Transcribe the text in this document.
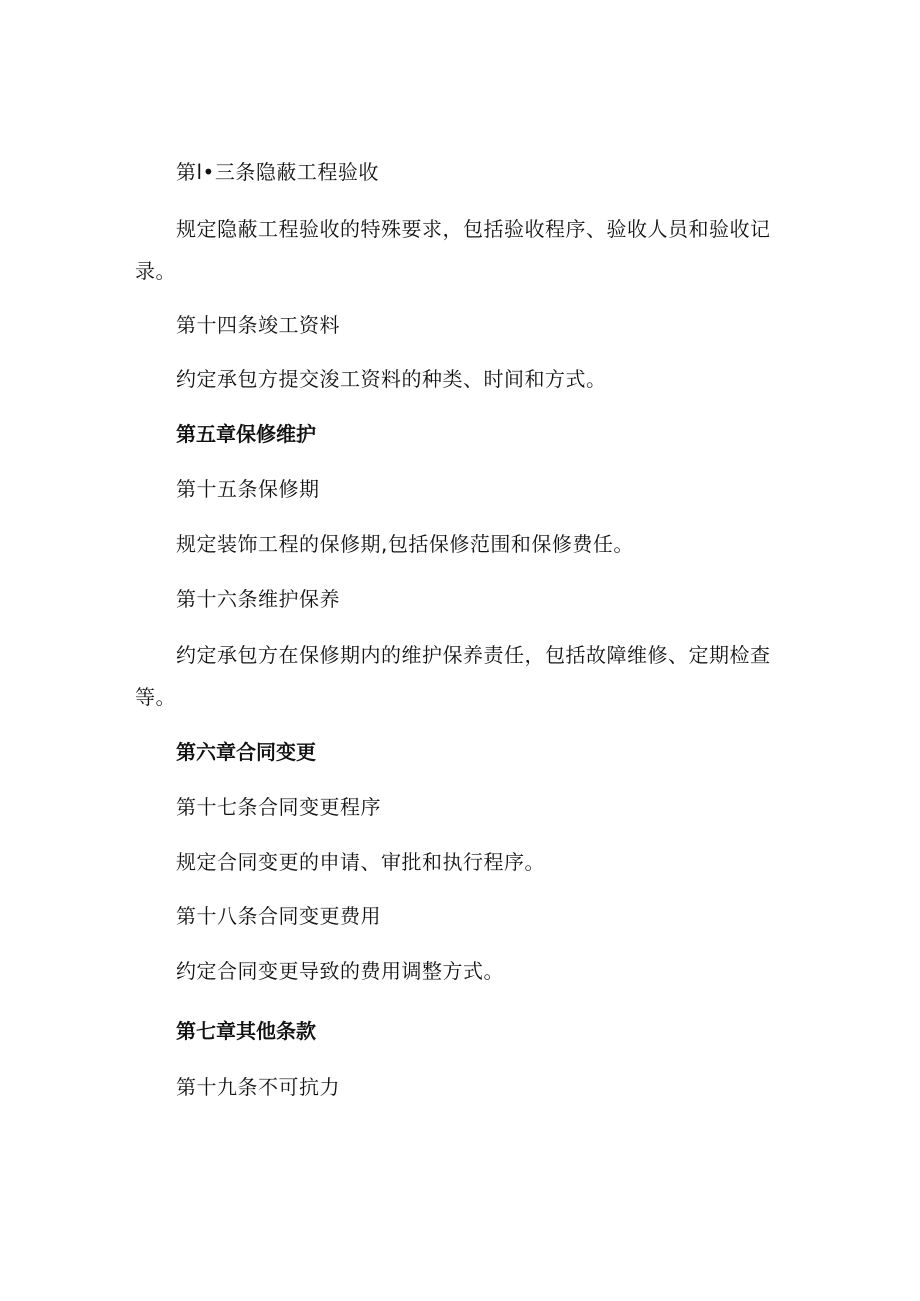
第l•三条隐蔽工程验收
规定隐蔽工程验收的特殊要求，包括验收程序、验收人员和验收记录。
第十四条竣工资料
约定承包方提交浚工资料的种类、时间和方式。
第五章保修维护
第十五条保修期
规定装饰工程的保修期,包括保修范围和保修费任。
第十六条维护保养
约定承包方在保修期内的维护保养责任，包括故障维修、定期检查等。
第六章合同变更
第十七条合同变更程序
规定合同变更的申请、审批和执行程序。
第十八条合同变更费用
约定合同变更导致的费用调整方式。
第七章其他条款
第十九条不可抗力
